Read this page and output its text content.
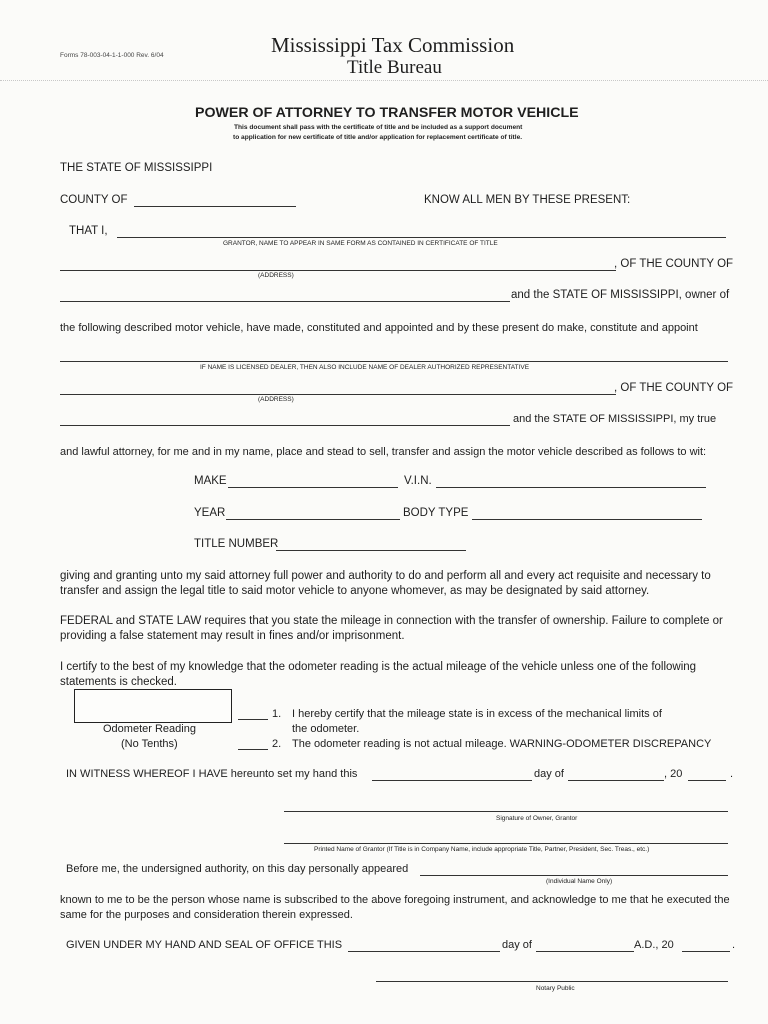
Forms 78-003-04-1-1-000 Rev. 6/04	Mississippi Tax Commission
Title Bureau
POWER OF ATTORNEY TO TRANSFER MOTOR VEHICLE
This document shall pass with the certificate of title and be included as a support document
to application for new certificate of title and/or application for replacement certificate of title.
THE STATE OF MISSISSIPPI
COUNTY OF	KNOW ALL MEN BY THESE PRESENT:
THAT I,
GRANTOR, NAME TO APPEAR IN SAME FORM AS CONTAINED IN CERTIFICATE OF TITLE
, OF THE COUNTY OF
(ADDRESS)
and the STATE OF MISSISSIPPI, owner of
the following described motor vehicle, have made, constituted and appointed and by these present do make, constitute and appoint
IF NAME IS LICENSED DEALER, THEN ALSO INCLUDE NAME OF DEALER AUTHORIZED REPRESENTATIVE
, OF THE COUNTY OF
(ADDRESS)
and the STATE OF MISSISSIPPI, my true
and lawful attorney, for me and in my name, place and stead to sell, transfer and assign the motor vehicle described as follows to wit:
MAKE	V.I.N.
YEAR	BODY TYPE
TITLE NUMBER
giving and granting unto my said attorney full power and authority to do and perform all and every act requisite and necessary to transfer and assign the legal title to said motor vehicle to anyone whomever, as may be designated by said attorney.
FEDERAL and STATE LAW requires that you state the mileage in connection with the transfer of ownership. Failure to complete or providing a false statement may result in fines and/or imprisonment.
I certify to the best of my knowledge that the odometer reading is the actual mileage of the vehicle unless one of the following statements is checked.
Odometer Reading
(No Tenths)
1. I hereby certify that the mileage state is in excess of the mechanical limits of
the odometer.
2. The odometer reading is not actual mileage. WARNING-ODOMETER DISCREPANCY
IN WITNESS WHEREOF I HAVE hereunto set my hand this	day of	, 20	.
Signature of Owner, Grantor
Printed Name of Grantor (If Title is in Company Name, include appropriate Title, Partner, President, Sec. Treas., etc.)
Before me, the undersigned authority, on this day personally appeared
(Individual Name Only)
known to me to be the person whose name is subscribed to the above foregoing instrument, and acknowledge to me that he executed the same for the purposes and consideration therein expressed.
GIVEN UNDER MY HAND AND SEAL OF OFFICE THIS	day of	A.D., 20	.
Notary Public
